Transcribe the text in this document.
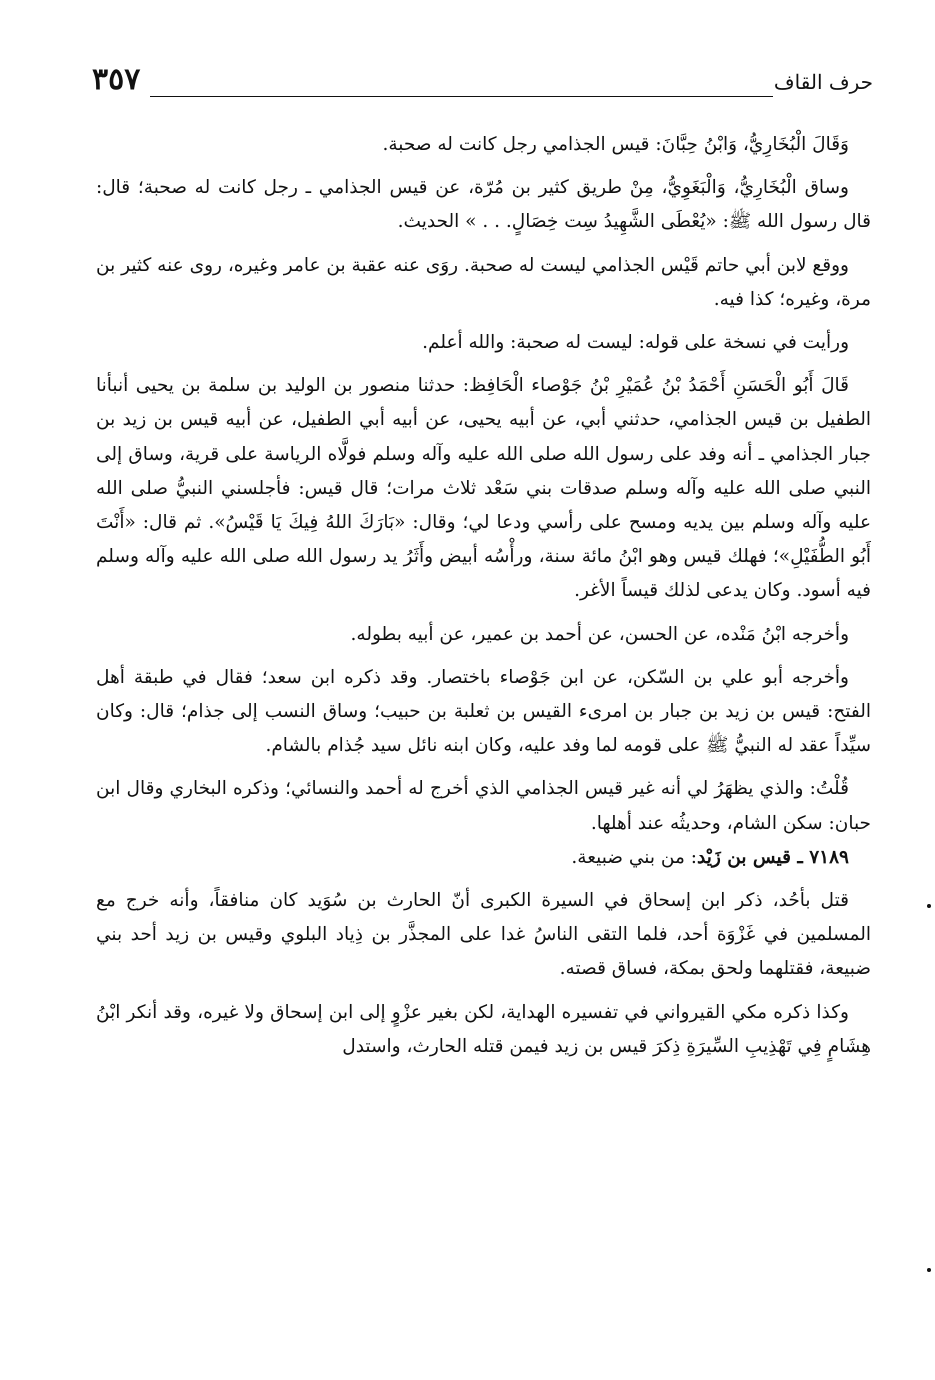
حرف القاف
٣٥٧

وَقَالَ الْبُخَارِيُّ، وَابْنُ حِبَّانَ: قيس الجذامي رجل كانت له صحبة.

وساق الْبُخَارِيُّ، وَالْبَغَوِيُّ، مِنْ طريق كثير بن مُرّة، عن قيس الجذامي ـ رجل كانت له صحبة؛ قال: قال رسول الله ﷺ: «يُعْطَى الشَّهِيدُ سِت خِصَالٍ. . . » الحديث.

ووقع لابن أبي حاتم قَيْس الجذامي ليست له صحبة. روَى عنه عقبة بن عامر وغيره، روى عنه كثير بن مرة، وغيره؛ كذا فيه.

ورأيت في نسخة على قوله: ليست له صحبة: والله أعلم.

قَالَ أَبُو الْحَسَنِ أَحْمَدُ بْنُ عُمَيْرِ بْنُ جَوْصاء الْحَافِظ: حدثنا منصور بن الوليد بن سلمة بن يحيى أنبأنا الطفيل بن قيس الجذامي، حدثني أبي، عن أبيه يحيى، عن أبيه أبي الطفيل، عن أبيه قيس بن زيد بن جبار الجذامي ـ أنه وفد على رسول الله صلى الله عليه وآله وسلم فولَّاه الرياسة على قرية، وساق إلى النبي صلى الله عليه وآله وسلم صدقات بني سَعْد ثلاث مرات؛ قال قيس: فأجلسني النبيُّ صلى الله عليه وآله وسلم بين يديه ومسح على رأسي ودعا لي؛ وقال: «بَارَكَ اللهُ فِيكَ يَا قَيْسُ». ثم قال: «أَنْتَ أَبُو الطُّفَيْلِ»؛ فهلك قيس وهو ابْنُ مائة سنة، ورأْسُه أبيض وأَثَرُ يد رسول الله صلى الله عليه وآله وسلم فيه أسود. وكان يدعى لذلك قيساً الأغر.

وأخرجه ابْنُ مَنْده، عن الحسن، عن أحمد بن عمير، عن أبيه بطوله.

وأخرجه أبو علي بن السّكن، عن ابن جَوْصاء باختصار. وقد ذكره ابن سعد؛ فقال في طبقة أهل الفتح: قيس بن زيد بن جبار بن امرىء القيس بن ثعلبة بن حبيب؛ وساق النسب إلى جذام؛ قال: وكان سيِّداً عقد له النبيُّ ﷺ على قومه لما وفد عليه، وكان ابنه نائل سيد جُذام بالشام.

قُلْتُ: والذي يظهَرُ لي أنه غير قيس الجذامي الذي أخرج له أحمد والنسائي؛ وذكره البخاري وقال ابن حبان: سكن الشام، وحديثُه عند أهلها.

٧١٨٩ ـ قيس بن زَيْد: من بني ضبيعة.

قتل بأحُد، ذكر ابن إسحاق في السيرة الكبرى أنّ الحارث بن سُوَيد كان منافقاً، وأنه خرج مع المسلمين في غَزْوَة أحد، فلما التقى الناسُ غدا على المجذَّر بن ذِياد البلوي وقيس بن زيد أحد بني ضبيعة، فقتلهما ولحق بمكة، فساق قصته.

وكذا ذكره مكي القيرواني في تفسيره الهداية، لكن بغير عزْوٍ إلى ابن إسحاق ولا غيره، وقد أنكر ابْنُ هِشَامٍ فِي تَهْذِيبِ السِّيرَةِ ذِكرَ قيس بن زيد فيمن قتله الحارث، واستدل
